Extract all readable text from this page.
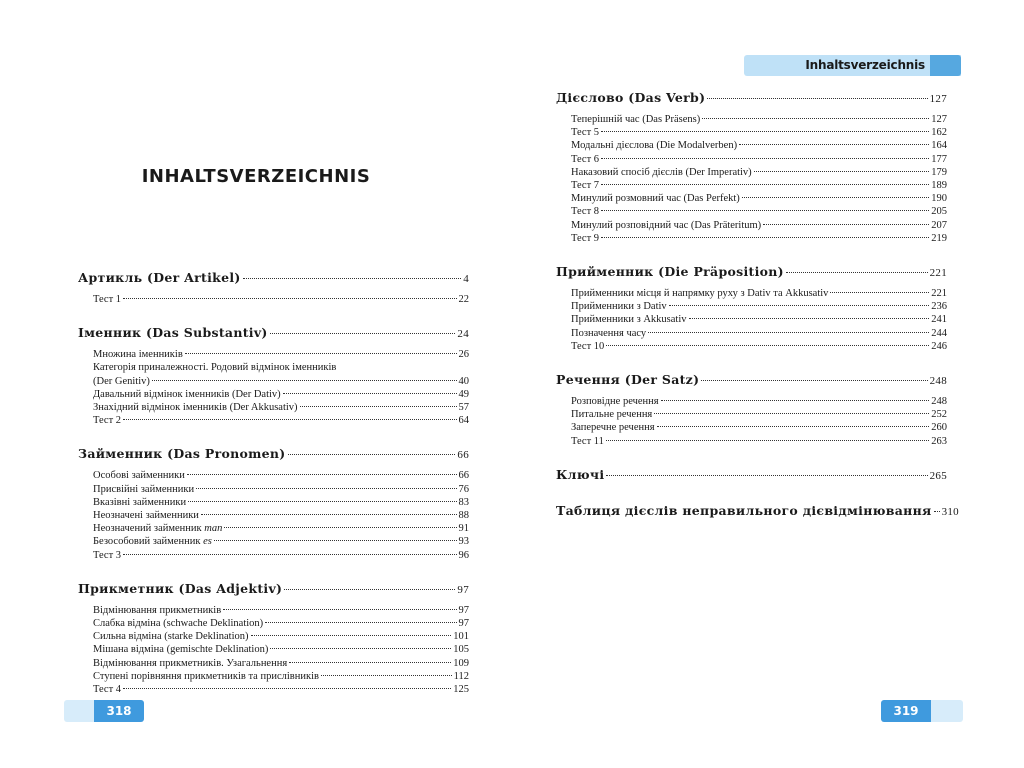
INHALTSVERZEICHNIS
Артикль (Der Artikel)	4
Тест 1	22
Іменник (Das Substantiv)	24
Множина іменників	26
Категорія приналежності. Родовий відмінок іменників
(Der Genitiv)	40
Давальний відмінок іменників (Der Dativ)	49
Знахідний відмінок іменників (Der Akkusativ)	57
Тест 2	64
Займенник (Das Pronomen)	66
Особові займенники	66
Присвійні займенники	76
Вказівні займенники	83
Неозначені займенники	88
Неозначений займенник
man	91
Безособовий займенник
es	93
Тест 3	96
Прикметник (Das Adjektiv)	97
Відмінювання прикметників	97
Слабка відміна (schwache Deklination)	97
Сильна відміна (starke Deklination)	101
Мішана відміна (gemischte Deklination)	105
Відмінювання прикметників. Узагальнення	109
Ступені порівняння прикметників та прислівників	112
Тест 4	125
318
Inhaltsverzeichnis
Дієслово (Das Verb)	127
Теперішній час (Das Präsens)	127
Тест 5	162
Модальні дієслова (Die Modalverben)	164
Тест 6	177
Наказовий спосіб дієслів (Der Imperativ)	179
Тест 7	189
Минулий розмовний час (Das Perfekt)	190
Тест 8	205
Минулий розповідний час (Das Präteritum)	207
Тест 9	219
Прийменник (Die Präposition)	221
Прийменники місця й напрямку руху з Dativ та Akkusativ	221
Прийменники з Dativ	236
Прийменники з Akkusativ	241
Позначення часу	244
Тест 10	246
Речення (Der Satz)	248
Розповідне речення	248
Питальне речення	252
Заперечне речення	260
Тест 11	263
Ключі	265
Таблиця дієслів неправильного дієвідмінювання 310
319
